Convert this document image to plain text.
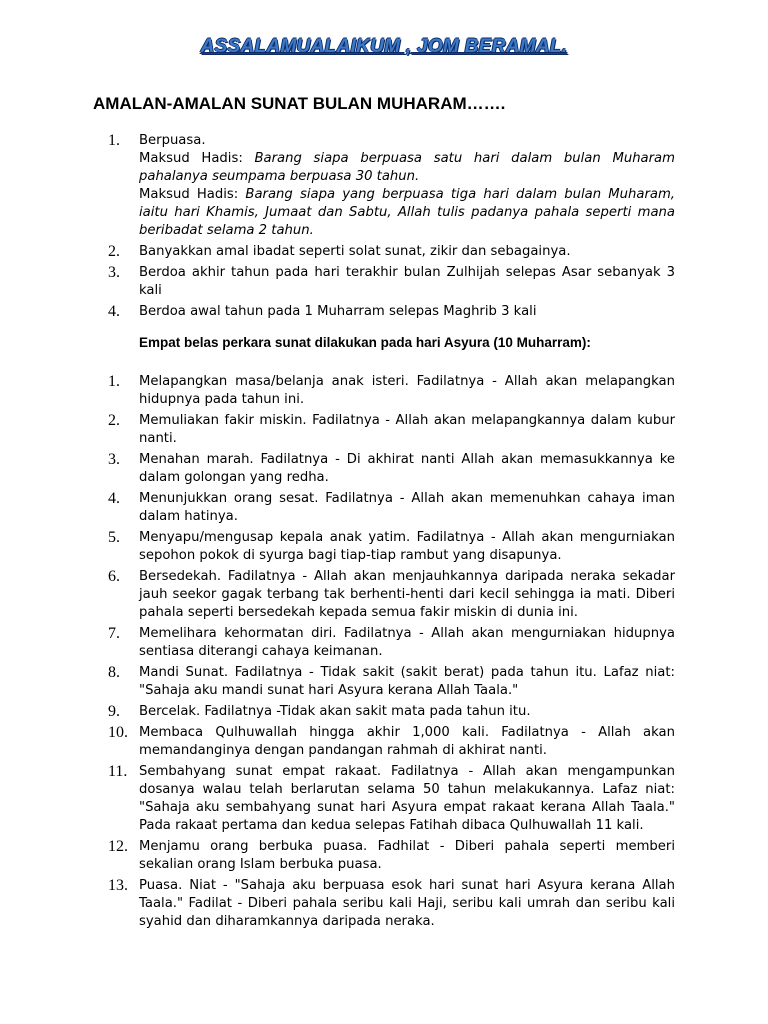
ASSALAMUALAIKUM , JOM BERAMAL.
AMALAN-AMALAN SUNAT BULAN MUHARAM…….
1. Berpuasa.
Maksud Hadis: Barang siapa berpuasa satu hari dalam bulan Muharam pahalanya seumpama berpuasa 30 tahun.
Maksud Hadis: Barang siapa yang berpuasa tiga hari dalam bulan Muharam, iaitu hari Khamis, Jumaat dan Sabtu, Allah tulis padanya pahala seperti mana beribadat selama 2 tahun.
2. Banyakkan amal ibadat seperti solat sunat, zikir dan sebagainya.
3. Berdoa akhir tahun pada hari terakhir bulan Zulhijah selepas Asar sebanyak 3 kali
4. Berdoa awal tahun pada 1 Muharram selepas Maghrib 3 kali
Empat belas perkara sunat dilakukan pada hari Asyura (10 Muharram):
1. Melapangkan masa/belanja anak isteri. Fadilatnya - Allah akan melapangkan hidupnya pada tahun ini.
2. Memuliakan fakir miskin. Fadilatnya - Allah akan melapangkannya dalam kubur nanti.
3. Menahan marah. Fadilatnya - Di akhirat nanti Allah akan memasukkannya ke dalam golongan yang redha.
4. Menunjukkan orang sesat. Fadilatnya - Allah akan memenuhkan cahaya iman dalam hatinya.
5. Menyapu/mengusap kepala anak yatim. Fadilatnya - Allah akan mengurniakan sepohon pokok di syurga bagi tiap-tiap rambut yang disapunya.
6. Bersedekah. Fadilatnya - Allah akan menjauhkannya daripada neraka sekadar jauh seekor gagak terbang tak berhenti-henti dari kecil sehingga ia mati. Diberi pahala seperti bersedekah kepada semua fakir miskin di dunia ini.
7. Memelihara kehormatan diri. Fadilatnya - Allah akan mengurniakan hidupnya sentiasa diterangi cahaya keimanan.
8. Mandi Sunat. Fadilatnya - Tidak sakit (sakit berat) pada tahun itu. Lafaz niat: "Sahaja aku mandi sunat hari Asyura kerana Allah Taala."
9. Bercelak. Fadilatnya -Tidak akan sakit mata pada tahun itu.
10. Membaca Qulhuwallah hingga akhir 1,000 kali. Fadilatnya - Allah akan memandanginya dengan pandangan rahmah di akhirat nanti.
11. Sembahyang sunat empat rakaat. Fadilatnya - Allah akan mengampunkan dosanya walau telah berlarutan selama 50 tahun melakukannya. Lafaz niat: "Sahaja aku sembahyang sunat hari Asyura empat rakaat kerana Allah Taala." Pada rakaat pertama dan kedua selepas Fatihah dibaca Qulhuwallah 11 kali.
12. Menjamu orang berbuka puasa. Fadhilat - Diberi pahala seperti memberi sekalian orang Islam berbuka puasa.
13. Puasa. Niat - "Sahaja aku berpuasa esok hari sunat hari Asyura kerana Allah Taala." Fadilat - Diberi pahala seribu kali Haji, seribu kali umrah dan seribu kali syahid dan diharamkannya daripada neraka.
